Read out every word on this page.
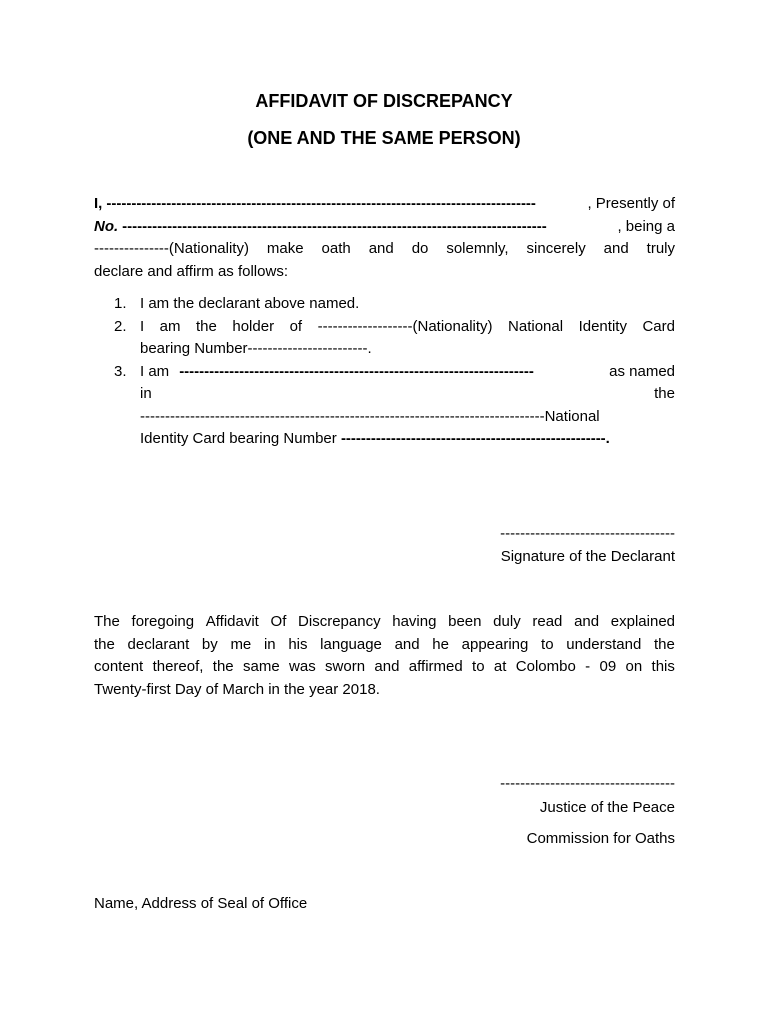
AFFIDAVIT OF DISCREPANCY
(ONE AND THE SAME PERSON)
I, --------------------------------------------------------------------------------------	, Presently of
No. -------------------------------------------------------------------------------------	, being a
---------------(Nationality) make oath and do solemnly, sincerely and truly
declare and affirm as follows:
1. I am the declarant above named.
2. I am the holder of -------------------(Nationality) National Identity Card
bearing Number------------------------.
3. I am -----------------------------------------------------------------------	as named
in	the
---------------------------------------------------------------------------------National
Identity Card bearing Number -----------------------------------------------------.
-----------------------------------
Signature of the Declarant
The foregoing Affidavit Of Discrepancy having been duly read and explained
the declarant by me in his language and he appearing to understand the
content thereof, the same was sworn and affirmed to at Colombo - 09 on this
Twenty-first Day of March in the year 2018.
-----------------------------------
Justice of the Peace
Commission for Oaths
Name, Address of Seal of Office
